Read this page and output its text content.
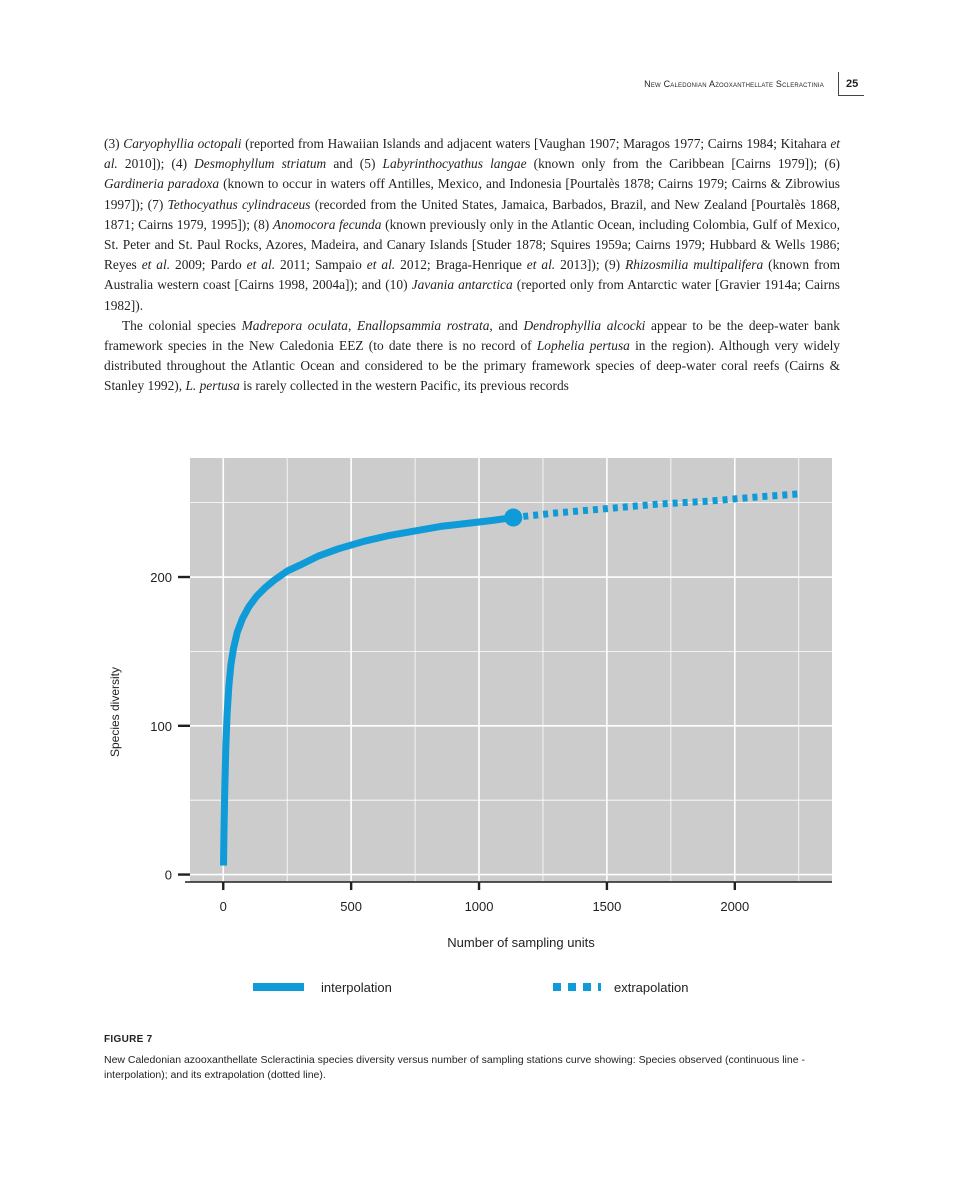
New Caledonian Azooxanthellate Scleractinia 25

(3) Caryophyllia octopali (reported from Hawaiian Islands and adjacent waters [Vaughan 1907; Maragos 1977; Cairns 1984; Kitahara et al. 2010]); (4) Desmophyllum striatum and (5) Labyrinthocyathus langae (known only from the Caribbean [Cairns 1979]); (6) Gardineria paradoxa (known to occur in waters off Antilles, Mexico, and Indonesia [Pourtalès 1878; Cairns 1979; Cairns & Zibrowius 1997]); (7) Tethocyathus cylindraceus (recorded from the United States, Jamaica, Barbados, Brazil, and New Zealand [Pourtalès 1868, 1871; Cairns 1979, 1995]); (8) Anomocora fecunda (known previously only in the Atlantic Ocean, including Colombia, Gulf of Mexico, St. Peter and St. Paul Rocks, Azores, Madeira, and Canary Islands [Studer 1878; Squires 1959a; Cairns 1979; Hubbard & Wells 1986; Reyes et al. 2009; Pardo et al. 2011; Sampaio et al. 2012; Braga-Henrique et al. 2013]); (9) Rhizosmilia multipalifera (known from Australia western coast [Cairns 1998, 2004a]); and (10) Javania antarctica (reported only from Antarctic water [Gravier 1914a; Cairns 1982]).

The colonial species Madrepora oculata, Enallopsammia rostrata, and Dendrophyllia alcocki appear to be the deep-water bank framework species in the New Caledonia EEZ (to date there is no record of Lophelia pertusa in the region). Although very widely distributed throughout the Atlantic Ocean and considered to be the primary framework species of deep-water coral reefs (Cairns & Stanley 1992), L. pertusa is rarely collected in the western Pacific, its previous records

0	500	1000	1500	2000
0
100
200
Number of sampling units
Species diversity
interpolation	extrapolation
FIGURE 7
New Caledonian azooxanthellate Scleractinia species diversity versus number of sampling stations curve showing: Species observed (continuous line - interpolation); and its extrapolation (dotted line).
